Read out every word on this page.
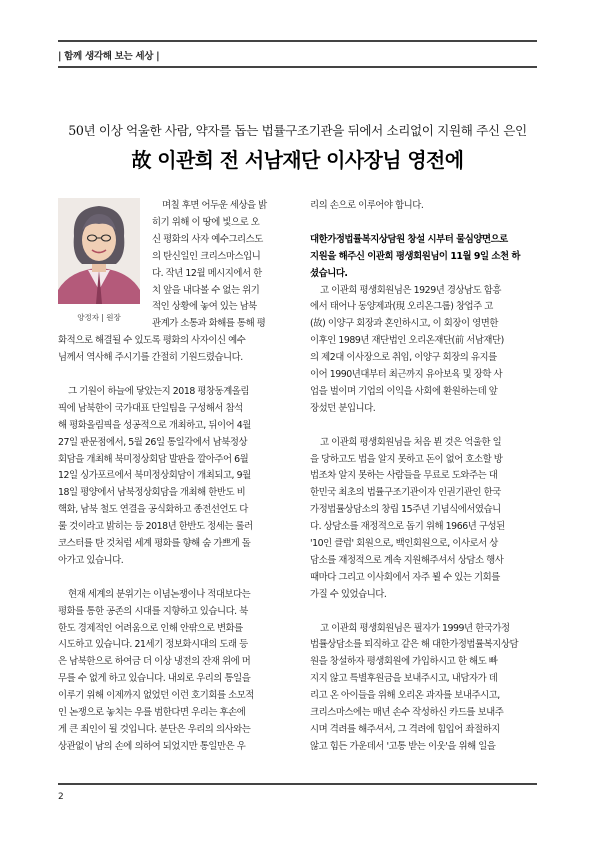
| 함께 생각해 보는 세상 |
50년 이상 억울한 사람, 약자를 돕는 법률구조기관을 뒤에서 소리없이 지원해 주신 은인
故 이관희 전 서남재단 이사장님 영전에
양정자 | 원장
며칠 후면 어두운 세상을 밝
히기 위해 이 땅에 빛으로 오
신 평화의 사자 예수그리스도
의 탄신일인 크리스마스입니
다. 작년 12월 메시지에서 한
치 앞을 내다볼 수 없는 위기
적인 상황에 놓여 있는 남북
관계가 소통과 화해를 통해 평
화적으로 해결될 수 있도록 평화의 사자이신 예수
님께서 역사해 주시기를 간절히 기원드렸습니다.
그 기원이 하늘에 닿았는지 2018 평창동계올림
픽에 남북한이 국가대표 단일팀을 구성해서 참석
해 평화올림픽을 성공적으로 개최하고, 뒤이어 4월
27일 판문점에서, 5월 26일 통일각에서 남북정상
회담을 개최해 북미정상회담 발판을 깔아주어 6월
12일 싱가포르에서 북미정상회담이 개최되고, 9월
18일 평양에서 남북정상회담을 개최해 한반도 비
핵화, 남북 철도 연결을 공식화하고 종전선언도 다
룰 것이라고 밝히는 등 2018년 한반도 정세는 롤러
코스터를 탄 것처럼 세계 평화를 향해 숨 가쁘게 돌
아가고 있습니다.
현재 세계의 분위기는 이념논쟁이나 적대보다는
평화를 통한 공존의 시대를 지향하고 있습니다. 북
한도 경제적인 어려움으로 인해 안팎으로 변화를
시도하고 있습니다. 21세기 정보화시대의 도래 등
은 남북한으로 하여금 더 이상 냉전의 잔재 위에 머
무를 수 없게 하고 있습니다. 내외로 우리의 통일을
이루기 위해 이제까지 없었던 이런 호기회를 소모적
인 논쟁으로 놓치는 우를 범한다면 우리는 후손에
게 큰 죄인이 될 것입니다. 분단은 우리의 의사와는
상관없이 남의 손에 의하여 되었지만 통일만은 우
리의 손으로 이루어야 합니다.
대한가정법률복지상담원 창설 시부터 물심양면으로
지원을 해주신 이관희 평생회원님이 11월 9일 소천 하
셨습니다.
고 이관희 평생회원님은 1929년 경상남도 함흥
에서 태어나 동양제과(現 오리온그룹) 창업주 고
(故) 이양구 회장과 혼인하시고, 이 회장이 영면한
이후인 1989년 재단법인 오리온재단(前 서남재단)
의 제2대 이사장으로 취임, 이양구 회장의 유지를
이어 1990년대부터 최근까지 유아보육 및 장학 사
업을 벌이며 기업의 이익을 사회에 환원하는데 앞
장섰던 분입니다.
고 이관희 평생회원님을 처음 뵌 것은 억울한 일
을 당하고도 법을 알지 못하고 돈이 없어 호소할 방
법조차 알지 못하는 사람들을 무료로 도와주는 대
한민국 최초의 법률구조기관이자 인권기관인 한국
가정법률상담소의 창립 15주년 기념식에서였습니
다. 상담소를 재정적으로 돕기 위해 1966년 구성된
'10인 클럽' 회원으로, 백인회원으로, 이사로서 상
담소를 재정적으로 계속 지원해주셔서 상담소 행사
때마다 그리고 이사회에서 자주 뵐 수 있는 기회를
가질 수 있었습니다.
고 이관희 평생회원님은 필자가 1999년 한국가정
법률상담소를 퇴직하고 같은 해 대한가정법률복지상담
원을 창설하자 평생회원에 가입하시고 한 해도 빠
지지 않고 특별후원금을 보내주시고, 내담자가 데
리고 온 아이들을 위해 오리온 과자를 보내주시고,
크리스마스에는 매년 손수 작성하신 카드를 보내주
시며 격려를 해주셔서, 그 격려에 힘입어 좌절하지
않고 힘든 가운데서 '고통 받는 이웃'을 위해 일을
2
